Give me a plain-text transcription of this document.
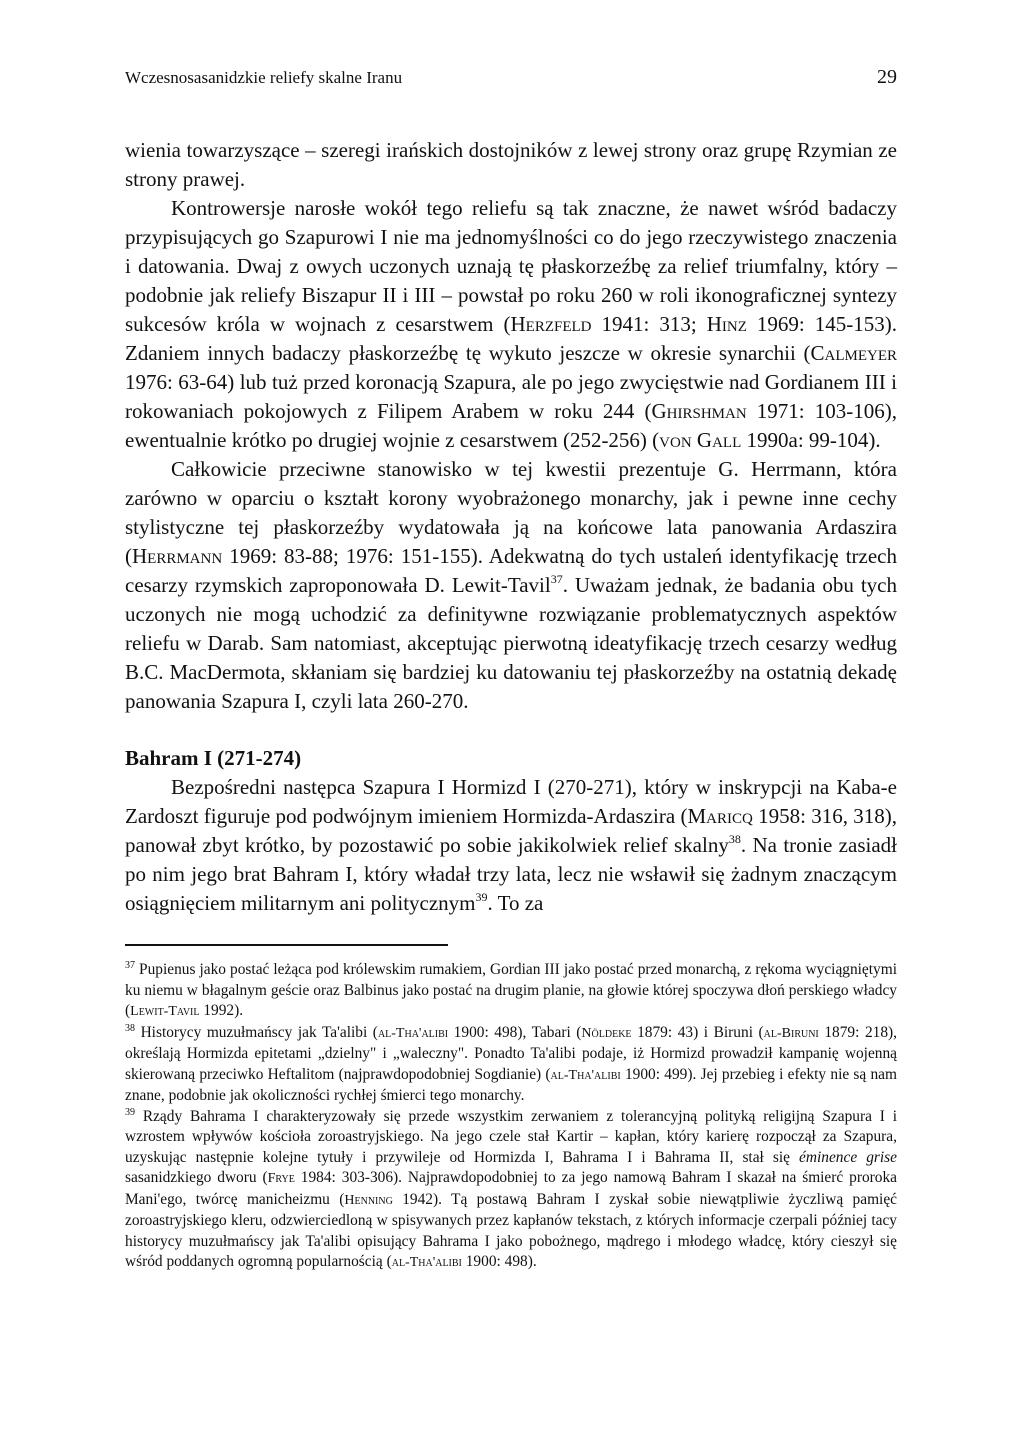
Wczesnosasanidzkie reliefy skalne Iranu	29

wienia towarzyszące – szeregi irańskich dostojników z lewej strony oraz grupę Rzymian ze strony prawej.

Kontrowersje narosłe wokół tego reliefu są tak znaczne, że nawet wśród badaczy przypisujących go Szapurowi I nie ma jednomyślności co do jego rzeczywistego znaczenia i datowania. Dwaj z owych uczonych uznają tę płaskorzeźbę za relief triumfalny, który – podobnie jak reliefy Biszapur II i III – powstał po roku 260 w roli ikonograficznej syntezy sukcesów króla w wojnach z cesarstwem (Herzfeld 1941: 313; Hinz 1969: 145-153). Zdaniem innych badaczy płaskorzeźbę tę wykuto jeszcze w okresie synarchii (Calmeyer 1976: 63-64) lub tuż przed koronacją Szapura, ale po jego zwycięstwie nad Gordianem III i rokowaniach pokojowych z Filipem Arabem w roku 244 (Ghirshman 1971: 103-106), ewentualnie krótko po drugiej wojnie z cesarstwem (252-256) (von Gall 1990a: 99-104).

Całkowicie przeciwne stanowisko w tej kwestii prezentuje G. Herrmann, która zarówno w oparciu o kształt korony wyobrażonego monarchy, jak i pewne inne cechy stylistyczne tej płaskorzeźby wydatowała ją na końcowe lata panowania Ardaszira (Herrmann 1969: 83-88; 1976: 151-155). Adekwatną do tych ustaleń identyfikację trzech cesarzy rzymskich zaproponowała D. Lewit-Tavil$^{37}$. Uważam jednak, że badania obu tych uczonych nie mogą uchodzić za definitywne rozwiązanie problematycznych aspektów reliefu w Darab. Sam natomiast, akceptując pierwotną ideatyfikację trzech cesarzy według B.C. MacDermota, skłaniam się bardziej ku datowaniu tej płaskorzeźby na ostatnią dekadę panowania Szapura I, czyli lata 260-270.

Bahram I (271-274)

Bezpośredni następca Szapura I Hormizd I (270-271), który w inskrypcji na Kaba-e Zardoszt figuruje pod podwójnym imieniem Hormizda-Ardaszira (Maricq 1958: 316, 318), panował zbyt krótko, by pozostawić po sobie jakikolwiek relief skalny$^{38}$. Na tronie zasiadł po nim jego brat Bahram I, który władał trzy lata, lecz nie wsławił się żadnym znaczącym osiągnięciem militarnym ani politycznym$^{39}$. To za

$^{37}$ Pupienus jako postać leżąca pod królewskim rumakiem, Gordian III jako postać przed monarchą, z rękoma wyciągniętymi ku niemu w błagalnym geście oraz Balbinus jako postać na drugim planie, na głowie której spoczywa dłoń perskiego władcy (Lewit-Tavil 1992).

$^{38}$ Historycy muzułmańscy jak Ta'alibi (al-Tha'alibi 1900: 498), Tabari (Nöldeke 1879: 43) i Biruni (al-Biruni 1879: 218), określają Hormizda epitetami „dzielny" i „waleczny". Ponadto Ta'alibi podaje, iż Hormizd prowadził kampanię wojenną skierowaną przeciwko Heftalitom (najprawdopodobniej Sogdianie) (al-Tha'alibi 1900: 499). Jej przebieg i efekty nie są nam znane, podobnie jak okoliczności rychłej śmierci tego monarchy.

$^{39}$ Rządy Bahrama I charakteryzowały się przede wszystkim zerwaniem z tolerancyjną polityką religijną Szapura I i wzrostem wpływów kościoła zoroastryjskiego. Na jego czele stał Kartir – kapłan, który karierę rozpoczął za Szapura, uzyskując następnie kolejne tytuły i przywileje od Hormizda I, Bahrama I i Bahrama II, stał się éminence grise sasanidzkiego dworu (Frye 1984: 303-306). Najprawdopodobniej to za jego namową Bahram I skazał na śmierć proroka Mani'ego, twórcę manicheizmu (Henning 1942). Tą postawą Bahram I zyskał sobie niewątpliwie życzliwą pamięć zoroastryjskiego kleru, odzwierciedloną w spisywanych przez kapłanów tekstach, z których informacje czerpali później tacy historycy muzułmańscy jak Ta'alibi opisujący Bahrama I jako pobożnego, mądrego i młodego władcę, który cieszył się wśród poddanych ogromną popularnością (al-Tha'alibi 1900: 498).
